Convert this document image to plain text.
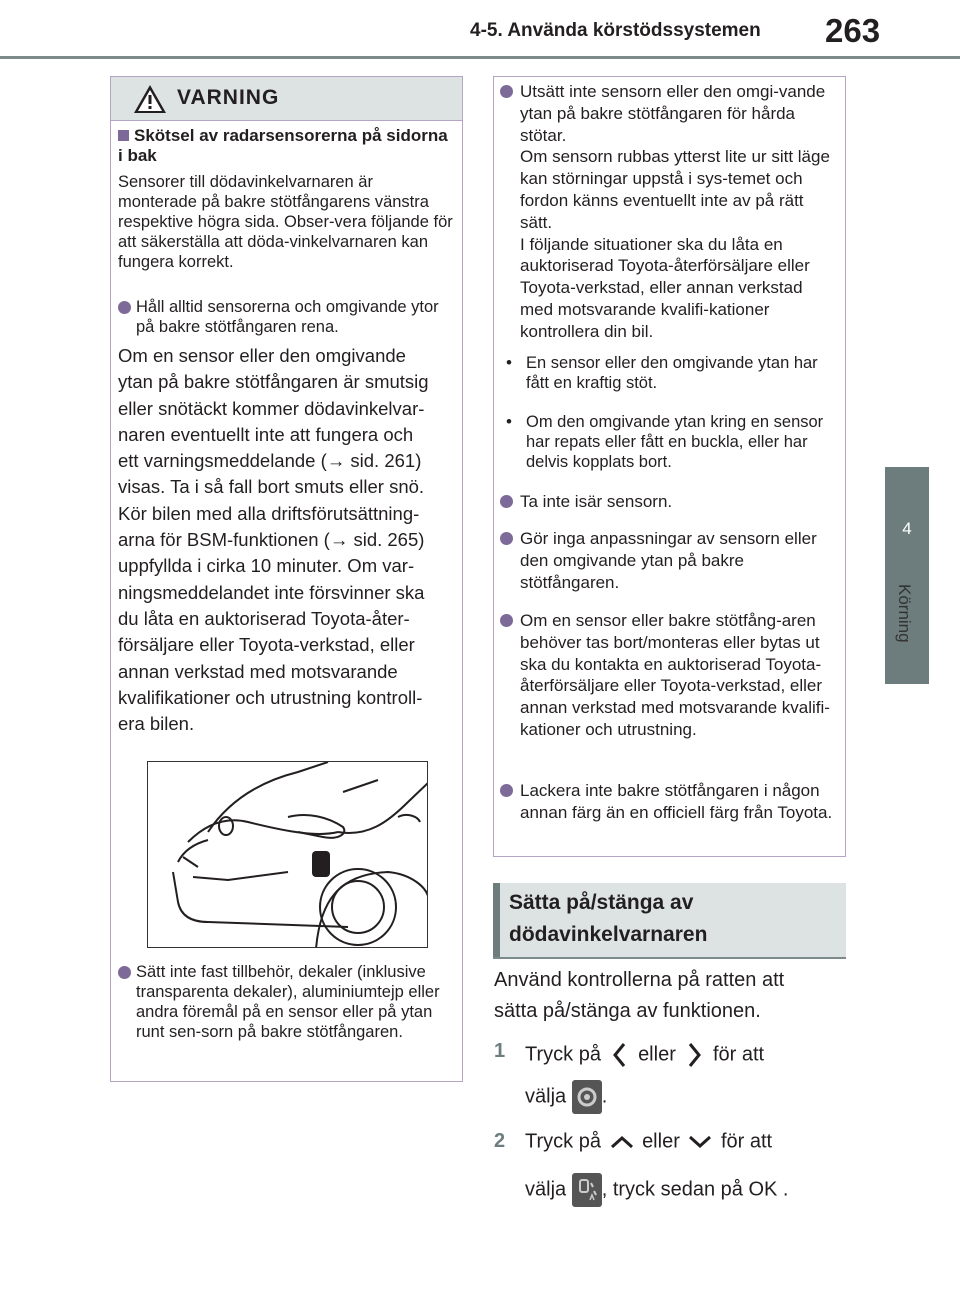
4-5. Använda körstödssystemen 263
4
Körning
VARNING
Skötsel av radarsensorerna på sidorna i bak
Sensorer till dödavinkelvarnaren är monterade på bakre stötfångarens vänstra respektive högra sida. Obser-vera följande för att säkerställa att döda-vinkelvarnaren kan fungera korrekt.
Håll alltid sensorerna och omgivande ytor på bakre stötfångaren rena.
Om en sensor eller den omgivande
ytan på bakre stötfångaren är smutsig
eller snötäckt kommer dödavinkelvar-
naren eventuellt inte att fungera och
ett varningsmeddelande (→ sid. 261)
visas. Ta i så fall bort smuts eller snö.
Kör bilen med alla driftsförutsättning-
arna för BSM-funktionen (→ sid. 265)
uppfyllda i cirka 10 minuter. Om var-
ningsmeddelandet inte försvinner ska
du låta en auktoriserad Toyota-åter-
försäljare eller Toyota-verkstad, eller
annan verkstad med motsvarande
kvalifikationer och utrustning kontroll-
era bilen.
Sätt inte fast tillbehör, dekaler (inklusive transparenta dekaler), aluminiumtejp eller andra föremål på en sensor eller på ytan runt sen-sorn på bakre stötfångaren.
Utsätt inte sensorn eller den omgi-vande ytan på bakre stötfångaren för hårda stötar.
Om sensorn rubbas ytterst lite ur sitt läge kan störningar uppstå i sys-temet och fordon känns eventuellt inte av på rätt sätt.
I följande situationer ska du låta en auktoriserad Toyota-återförsäljare eller Toyota-verkstad, eller annan verkstad med motsvarande kvalifi-kationer kontrollera din bil.
• En sensor eller den omgivande ytan har fått en kraftig stöt.
• Om den omgivande ytan kring en sensor har repats eller fått en buckla, eller har delvis kopplats bort.
Ta inte isär sensorn.
Gör inga anpassningar av sensorn eller den omgivande ytan på bakre stötfångaren.
Om en sensor eller bakre stötfång-aren behöver tas bort/monteras eller bytas ut ska du kontakta en auktoriserad Toyota-återförsäljare eller Toyota-verkstad, eller annan verkstad med motsvarande kvalifi-kationer och utrustning.
Lackera inte bakre stötfångaren i någon annan färg än en officiell färg från Toyota.
Sätta på/stänga av
dödavinkelvarnaren
Använd kontrollerna på ratten att
sätta på/stänga av funktionen.
1 Tryck på eller för att
välja .
2 Tryck på eller för att
välja , tryck sedan på OK .
